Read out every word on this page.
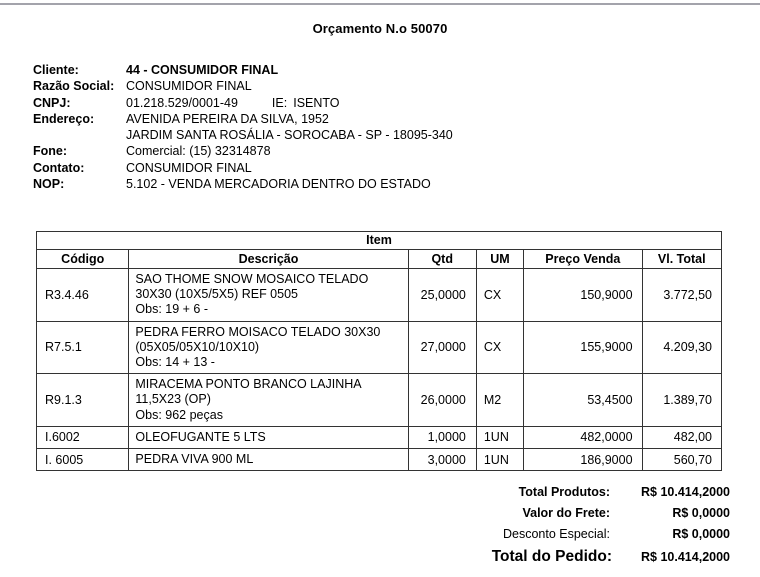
Orçamento N.o 50070
Cliente:	44 - CONSUMIDOR FINAL
Razão Social: CONSUMIDOR FINAL
CNPJ:	01.218.529/0001-49	IE: ISENTO
Endereço:	AVENIDA PEREIRA DA SILVA, 1952
JARDIM SANTA ROSÁLIA - SOROCABA - SP - 18095-340
Fone:	Comercial: (15) 32314878
Contato:	CONSUMIDOR FINAL
NOP:	5.102 - VENDA MERCADORIA DENTRO DO ESTADO
Item					
Código	Descrição	Qtd	UM	Preço Venda	Vl. Total
R3.4.46	SAO THOME SNOW MOSAICO TELADO
30X30 (10X5/5X5) REF 0505
Obs: 19 + 6 -	25,0000	CX	150,9000	3.772,50
R7.5.1	PEDRA FERRO MOISACO TELADO 30X30
(05X05/05X10/10X10)
Obs: 14 + 13 -	27,0000	CX	155,9000	4.209,30
R9.1.3	MIRACEMA PONTO BRANCO LAJINHA
11,5X23 (OP)
Obs: 962 peças	26,0000	M2	53,4500	1.389,70
I.6002	OLEOFUGANTE 5 LTS	1,0000	1UN	482,0000	482,00
I. 6005	PEDRA VIVA 900 ML	3,0000	1UN	186,9000	560,70
Total Produtos:	R$ 10.414,2000
Valor do Frete:	R$ 0,0000
Desconto Especial:	R$ 0,0000
Total do Pedido:	R$ 10.414,2000
